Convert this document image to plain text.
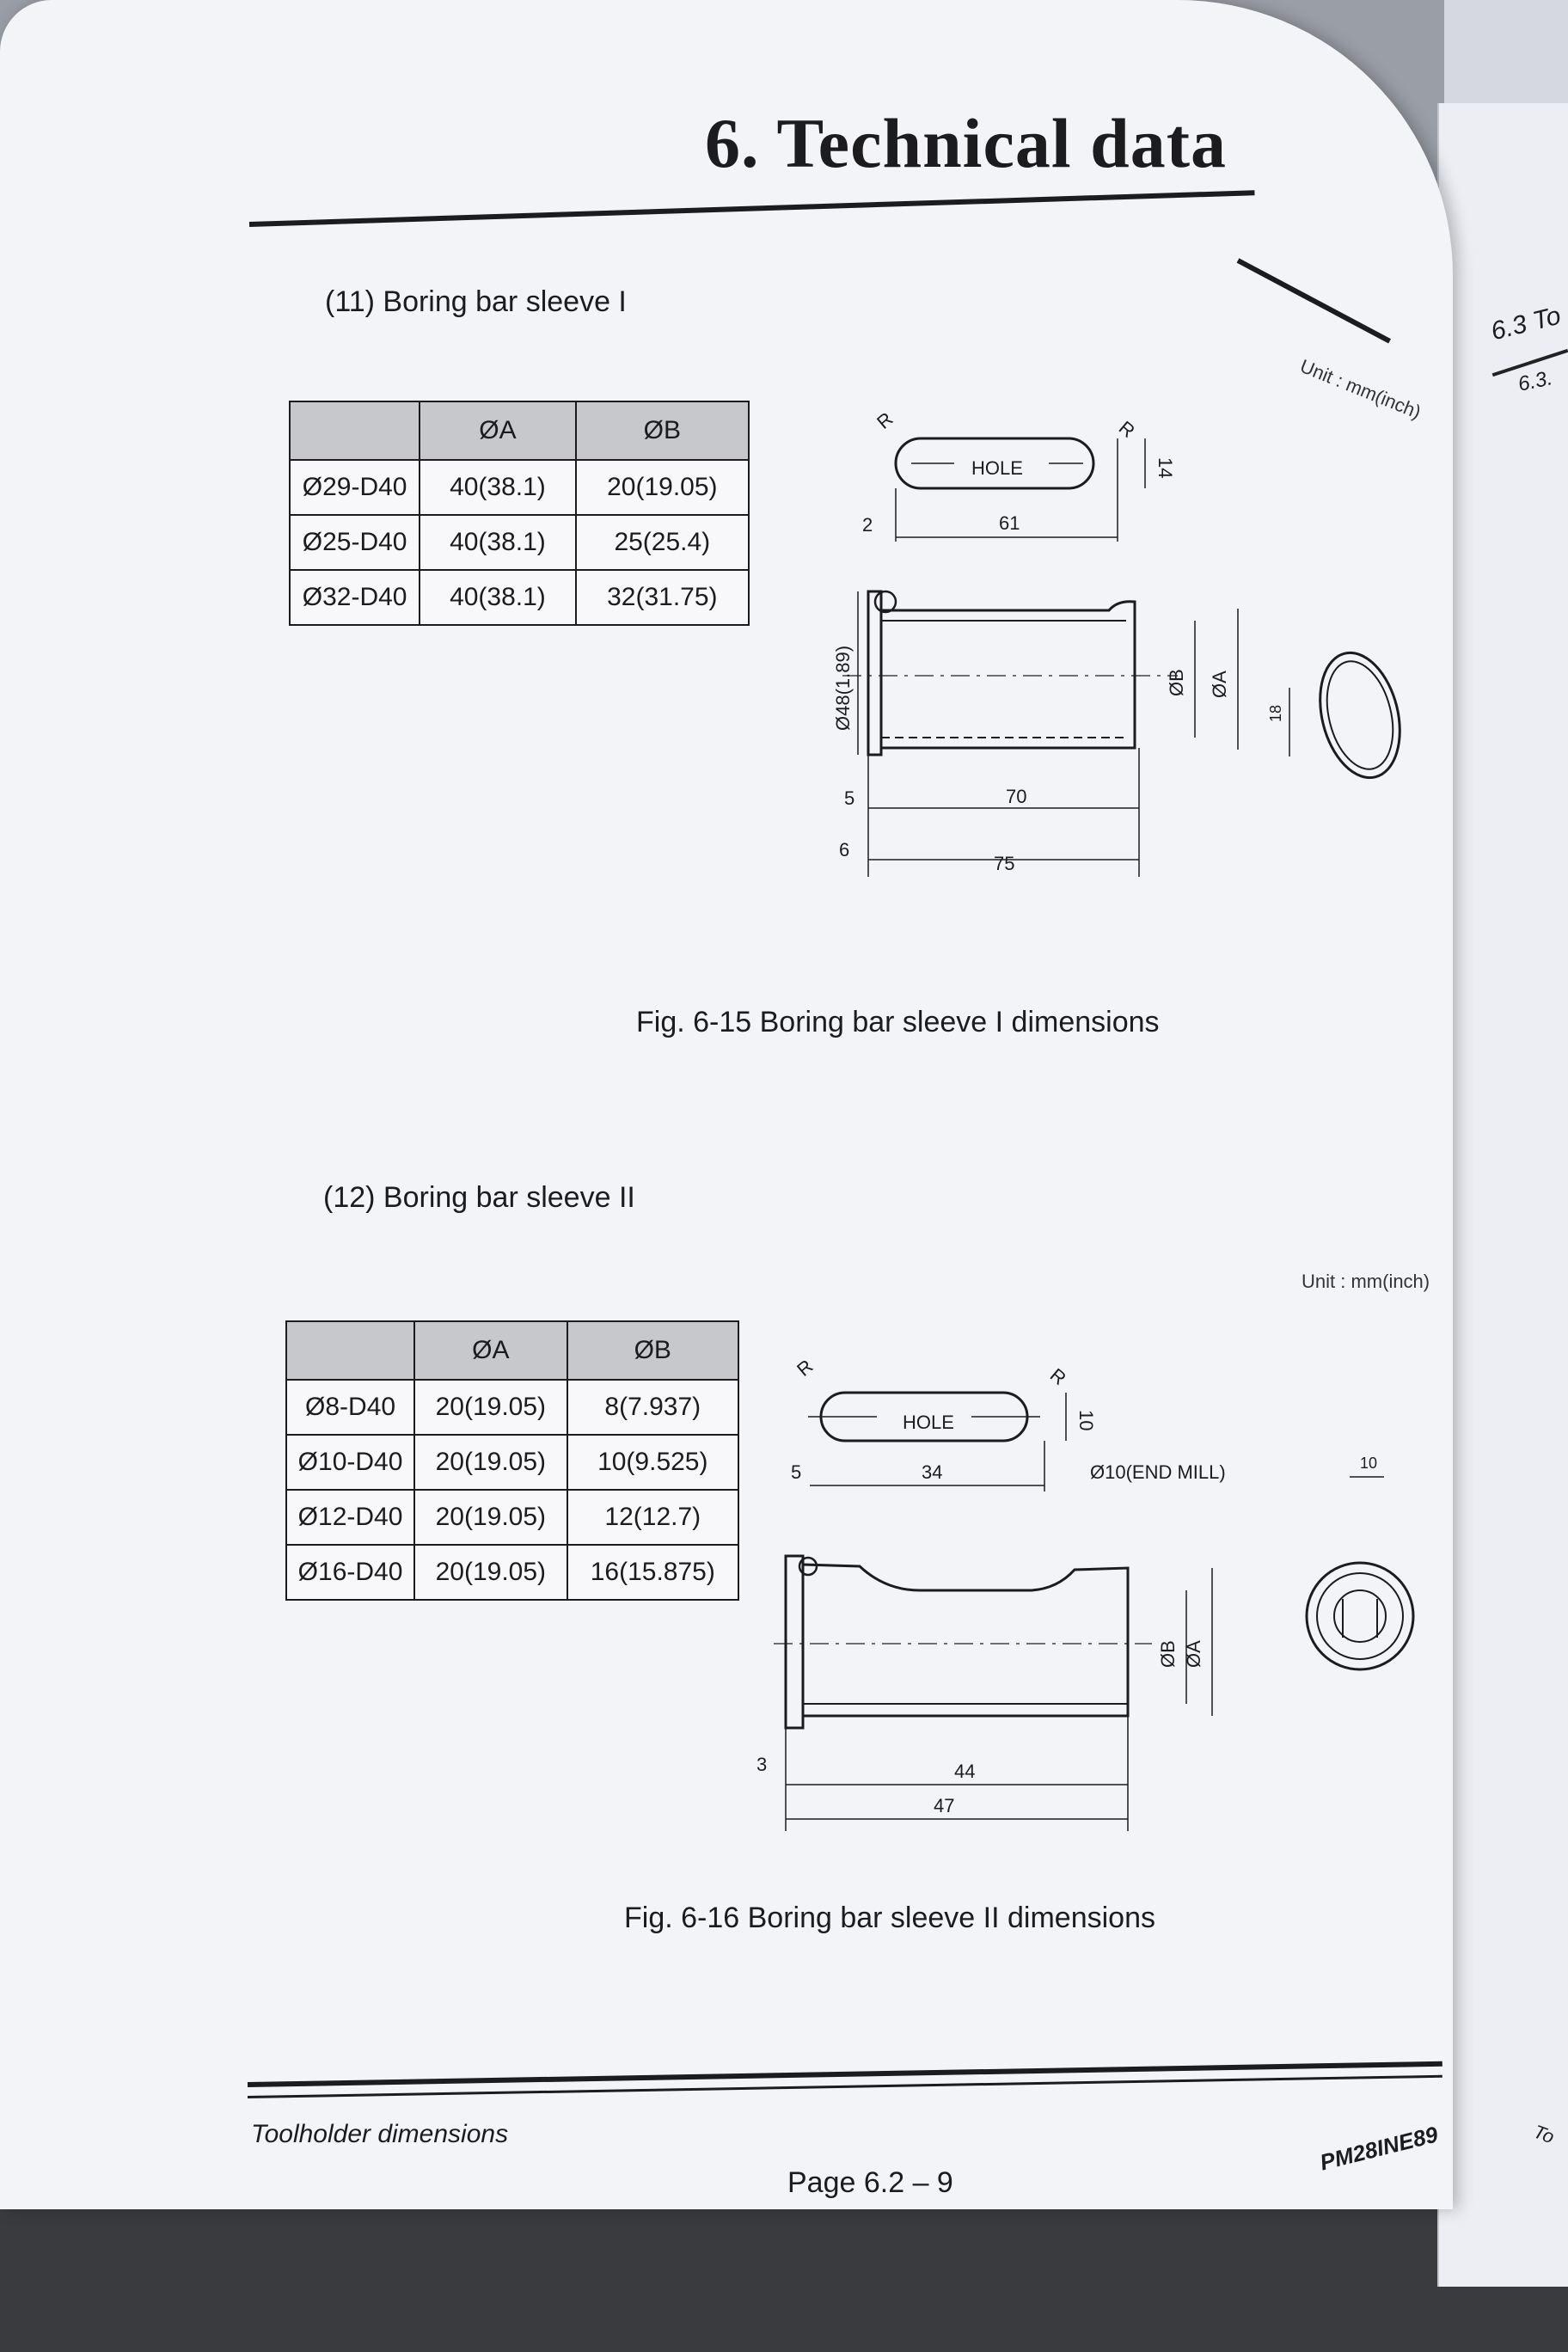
6.3 To
6.3.
To
6. Technical data
(11) Boring bar sleeve I
Unit : mm(inch)
	ØA	ØB
Ø29-D40	40(38.1)	20(19.05)
Ø25-D40	40(38.1)	25(25.4)
Ø32-D40	40(38.1)	32(31.75)
HOLE
R	R
2	61
14
Ø48(1.89)	ØB ØA
5
6
70
75
18
Fig. 6-15 Boring bar sleeve I dimensions
(12) Boring bar sleeve II
Unit : mm(inch)
	ØA	ØB
Ø8-D40	20(19.05)	8(7.937)
Ø10-D40	20(19.05)	10(9.525)
Ø12-D40	20(19.05)	12(12.7)
Ø16-D40	20(19.05)	16(15.875)
HOLE
R	R
5	34
10
Ø10(END MILL)
ØB ØA
3	44
47
10
Fig. 6-16 Boring bar sleeve II dimensions
Toolholder dimensions
Page 6.2 – 9
PM28INE89
